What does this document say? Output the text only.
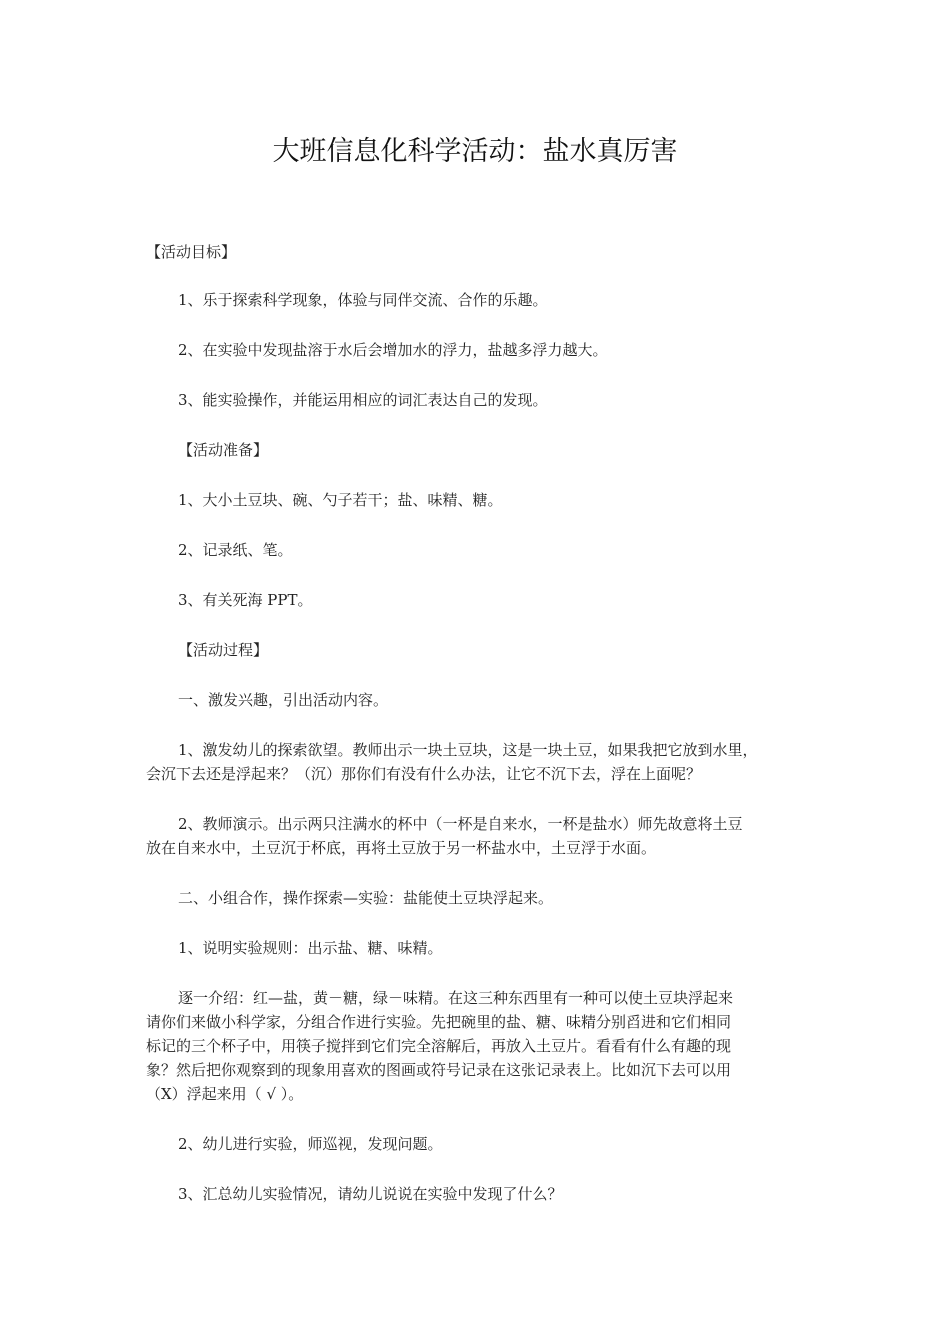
大班信息化科学活动：盐水真厉害

【活动目标】

1、乐于探索科学现象，体验与同伴交流、合作的乐趣。

2、在实验中发现盐溶于水后会增加水的浮力，盐越多浮力越大。

3、能实验操作，并能运用相应的词汇表达自己的发现。

【活动准备】

1、大小土豆块、碗、勺子若干；盐、味精、糖。

2、记录纸、笔。

3、有关死海 PPT。

【活动过程】

一、激发兴趣，引出活动内容。

1、激发幼儿的探索欲望。教师出示一块土豆块，这是一块土豆，如果我把它放到水里，

会沉下去还是浮起来？（沉）那你们有没有什么办法，让它不沉下去，浮在上面呢？

2、教师演示。出示两只注满水的杯中（一杯是自来水，一杯是盐水）师先故意将土豆

放在自来水中，土豆沉于杯底，再将土豆放于另一杯盐水中，土豆浮于水面。

二、小组合作，操作探索—实验：盐能使土豆块浮起来。

1、说明实验规则：出示盐、糖、味精。

逐一介绍：红—盐，黄－糖，绿－味精。在这三种东西里有一种可以使土豆块浮起来

请你们来做小科学家，分组合作进行实验。先把碗里的盐、糖、味精分别舀进和它们相同

标记的三个杯子中，用筷子搅拌到它们完全溶解后，再放入土豆片。看看有什么有趣的现

象？然后把你观察到的现象用喜欢的图画或符号记录在这张记录表上。比如沉下去可以用

（X）浮起来用（ √ ）。

2、幼儿进行实验，师巡视，发现问题。

3、汇总幼儿实验情况，请幼儿说说在实验中发现了什么？
